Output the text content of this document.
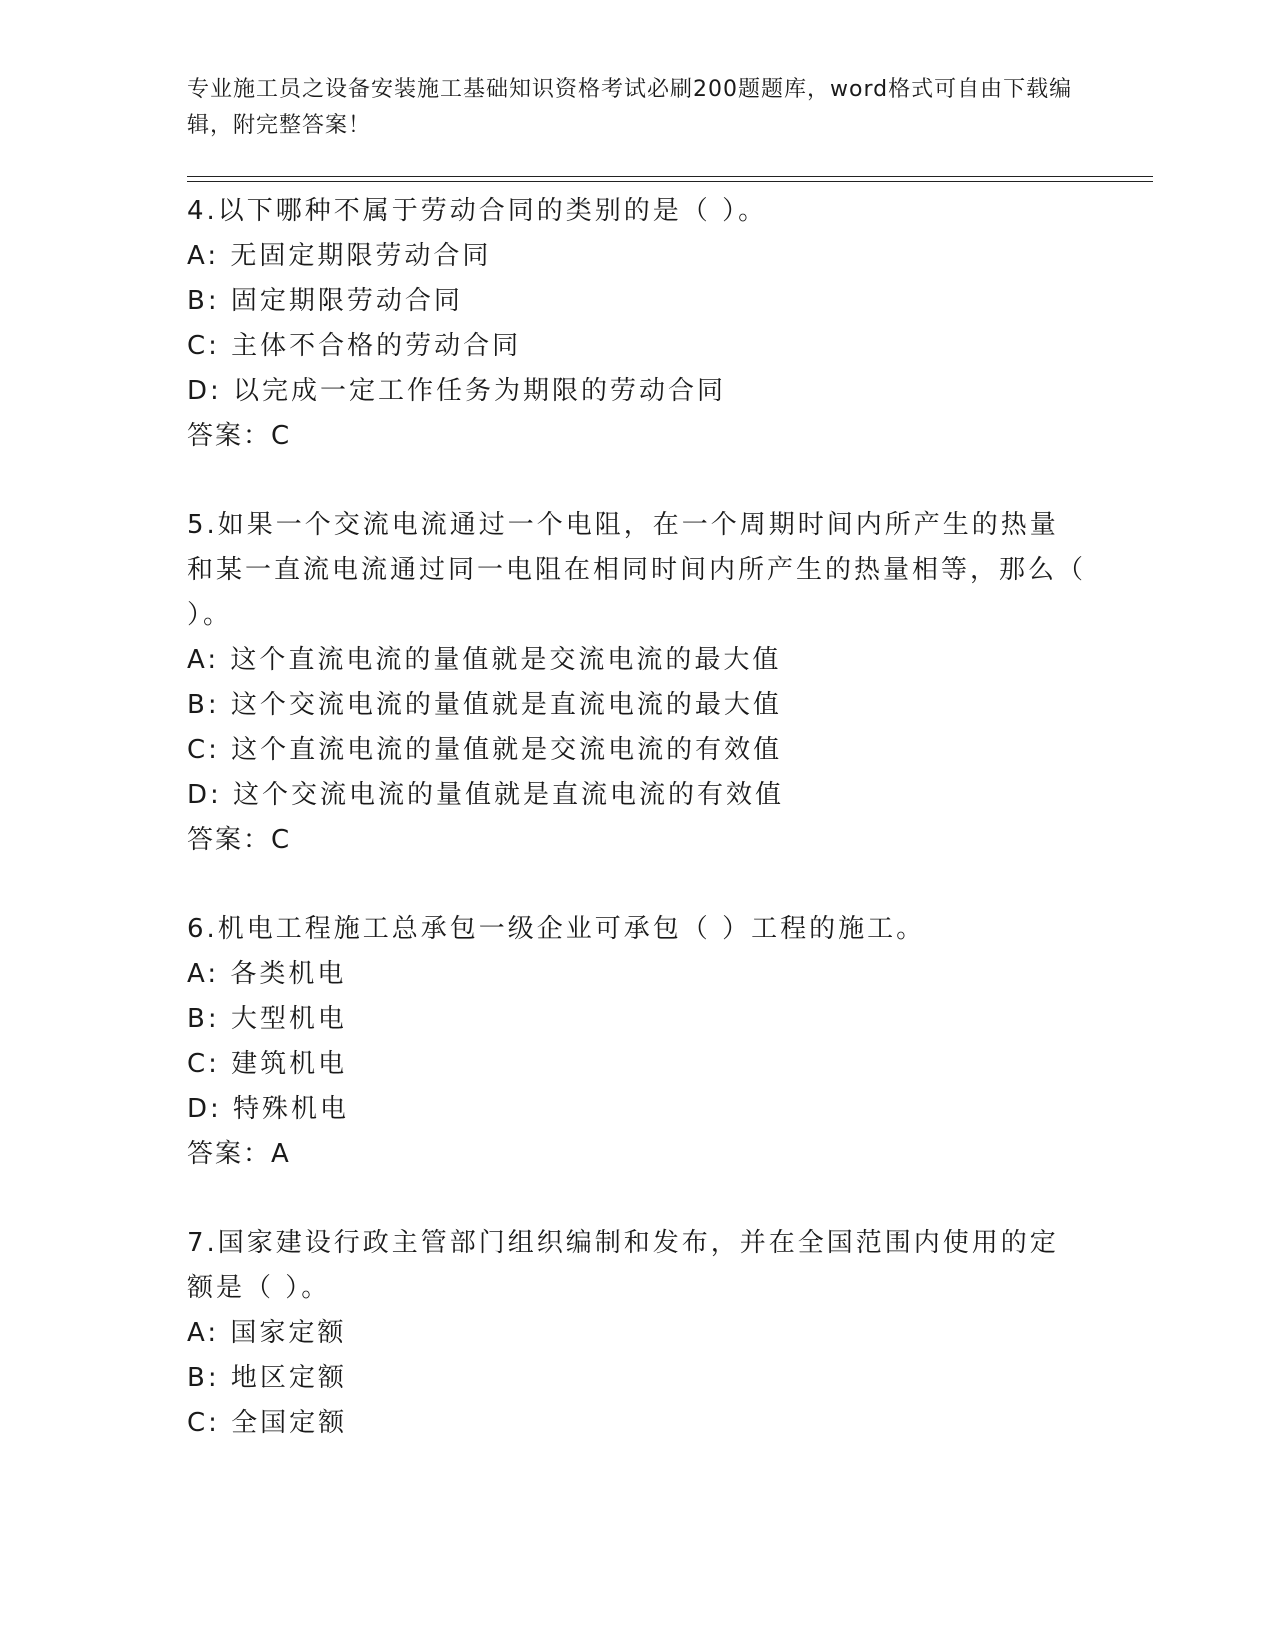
专业施工员之设备安装施工基础知识资格考试必刷200题题库，word格式可自由下载编辑，附完整答案！
4.以下哪种不属于劳动合同的类别的是（ ）。
A: 无固定期限劳动合同
B: 固定期限劳动合同
C: 主体不合格的劳动合同
D: 以完成一定工作任务为期限的劳动合同
答案：C
5.如果一个交流电流通过一个电阻，在一个周期时间内所产生的热量和某一直流电流通过同一电阻在相同时间内所产生的热量相等，那么（ ）。
A: 这个直流电流的量值就是交流电流的最大值
B: 这个交流电流的量值就是直流电流的最大值
C: 这个直流电流的量值就是交流电流的有效值
D: 这个交流电流的量值就是直流电流的有效值
答案：C
6.机电工程施工总承包一级企业可承包（ ）工程的施工。
A: 各类机电
B: 大型机电
C: 建筑机电
D: 特殊机电
答案：A
7.国家建设行政主管部门组织编制和发布，并在全国范围内使用的定额是（ ）。
A: 国家定额
B: 地区定额
C: 全国定额
